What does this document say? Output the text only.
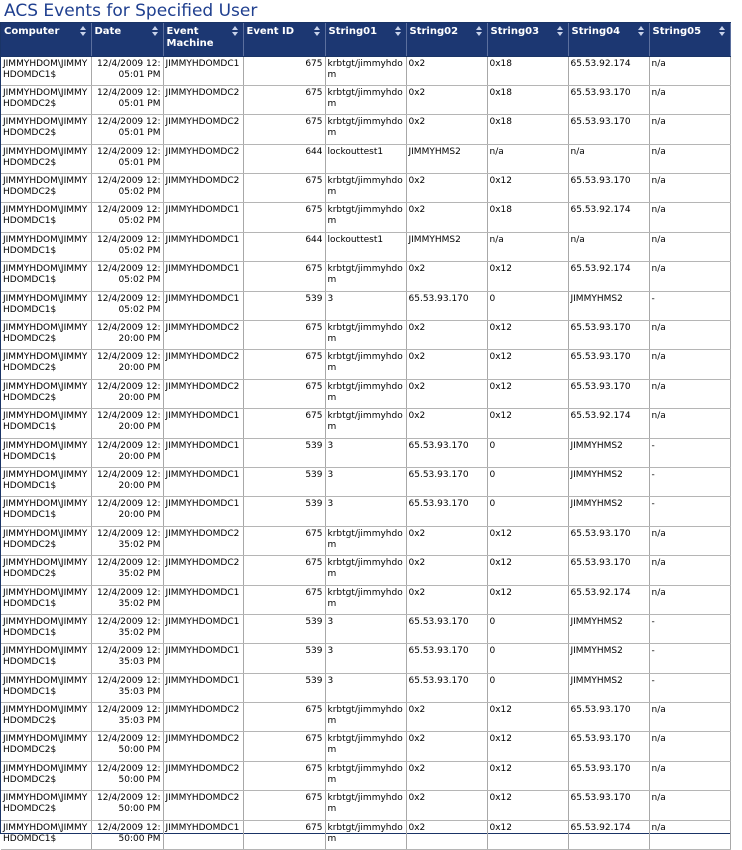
ACS Events for Specified User
Computer	Date	Event Machine	Event ID	String01	String02	String03	String04	String05

JIMMYHDOM\JIMMYHDOMDC1$	12/4/2009 12:05:01 PM	JIMMYHDOMDC1	675	krbtgt/jimmyhdom	0x2	0x18	65.53.92.174	n/a
JIMMYHDOM\JIMMYHDOMDC2$	12/4/2009 12:05:01 PM	JIMMYHDOMDC2	675	krbtgt/jimmyhdom	0x2	0x18	65.53.93.170	n/a
JIMMYHDOM\JIMMYHDOMDC2$	12/4/2009 12:05:01 PM	JIMMYHDOMDC2	675	krbtgt/jimmyhdom	0x2	0x18	65.53.93.170	n/a
JIMMYHDOM\JIMMYHDOMDC2$	12/4/2009 12:05:01 PM	JIMMYHDOMDC2	644	lockouttest1	JIMMYHMS2	n/a	n/a	n/a
JIMMYHDOM\JIMMYHDOMDC2$	12/4/2009 12:05:02 PM	JIMMYHDOMDC2	675	krbtgt/jimmyhdom	0x2	0x12	65.53.93.170	n/a
JIMMYHDOM\JIMMYHDOMDC1$	12/4/2009 12:05:02 PM	JIMMYHDOMDC1	675	krbtgt/jimmyhdom	0x2	0x18	65.53.92.174	n/a
JIMMYHDOM\JIMMYHDOMDC1$	12/4/2009 12:05:02 PM	JIMMYHDOMDC1	644	lockouttest1	JIMMYHMS2	n/a	n/a	n/a
JIMMYHDOM\JIMMYHDOMDC1$	12/4/2009 12:05:02 PM	JIMMYHDOMDC1	675	krbtgt/jimmyhdom	0x2	0x12	65.53.92.174	n/a
JIMMYHDOM\JIMMYHDOMDC1$	12/4/2009 12:05:02 PM	JIMMYHDOMDC1	539	3	65.53.93.170	0	JIMMYHMS2	-
JIMMYHDOM\JIMMYHDOMDC2$	12/4/2009 12:20:00 PM	JIMMYHDOMDC2	675	krbtgt/jimmyhdom	0x2	0x12	65.53.93.170	n/a
JIMMYHDOM\JIMMYHDOMDC2$	12/4/2009 12:20:00 PM	JIMMYHDOMDC2	675	krbtgt/jimmyhdom	0x2	0x12	65.53.93.170	n/a
JIMMYHDOM\JIMMYHDOMDC2$	12/4/2009 12:20:00 PM	JIMMYHDOMDC2	675	krbtgt/jimmyhdom	0x2	0x12	65.53.93.170	n/a
JIMMYHDOM\JIMMYHDOMDC1$	12/4/2009 12:20:00 PM	JIMMYHDOMDC1	675	krbtgt/jimmyhdom	0x2	0x12	65.53.92.174	n/a
JIMMYHDOM\JIMMYHDOMDC1$	12/4/2009 12:20:00 PM	JIMMYHDOMDC1	539	3	65.53.93.170	0	JIMMYHMS2	-
JIMMYHDOM\JIMMYHDOMDC1$	12/4/2009 12:20:00 PM	JIMMYHDOMDC1	539	3	65.53.93.170	0	JIMMYHMS2	-
JIMMYHDOM\JIMMYHDOMDC1$	12/4/2009 12:20:00 PM	JIMMYHDOMDC1	539	3	65.53.93.170	0	JIMMYHMS2	-
JIMMYHDOM\JIMMYHDOMDC2$	12/4/2009 12:35:02 PM	JIMMYHDOMDC2	675	krbtgt/jimmyhdom	0x2	0x12	65.53.93.170	n/a
JIMMYHDOM\JIMMYHDOMDC2$	12/4/2009 12:35:02 PM	JIMMYHDOMDC2	675	krbtgt/jimmyhdom	0x2	0x12	65.53.93.170	n/a
JIMMYHDOM\JIMMYHDOMDC1$	12/4/2009 12:35:02 PM	JIMMYHDOMDC1	675	krbtgt/jimmyhdom	0x2	0x12	65.53.92.174	n/a
JIMMYHDOM\JIMMYHDOMDC1$	12/4/2009 12:35:02 PM	JIMMYHDOMDC1	539	3	65.53.93.170	0	JIMMYHMS2	-
JIMMYHDOM\JIMMYHDOMDC1$	12/4/2009 12:35:03 PM	JIMMYHDOMDC1	539	3	65.53.93.170	0	JIMMYHMS2	-
JIMMYHDOM\JIMMYHDOMDC1$	12/4/2009 12:35:03 PM	JIMMYHDOMDC1	539	3	65.53.93.170	0	JIMMYHMS2	-
JIMMYHDOM\JIMMYHDOMDC2$	12/4/2009 12:35:03 PM	JIMMYHDOMDC2	675	krbtgt/jimmyhdom	0x2	0x12	65.53.93.170	n/a
JIMMYHDOM\JIMMYHDOMDC2$	12/4/2009 12:50:00 PM	JIMMYHDOMDC2	675	krbtgt/jimmyhdom	0x2	0x12	65.53.93.170	n/a
JIMMYHDOM\JIMMYHDOMDC2$	12/4/2009 12:50:00 PM	JIMMYHDOMDC2	675	krbtgt/jimmyhdom	0x2	0x12	65.53.93.170	n/a
JIMMYHDOM\JIMMYHDOMDC2$	12/4/2009 12:50:00 PM	JIMMYHDOMDC2	675	krbtgt/jimmyhdom	0x2	0x12	65.53.93.170	n/a
JIMMYHDOM\JIMMYHDOMDC1$	12/4/2009 12:50:00 PM	JIMMYHDOMDC1	675	krbtgt/jimmyhdom	0x2	0x12	65.53.92.174	n/a
